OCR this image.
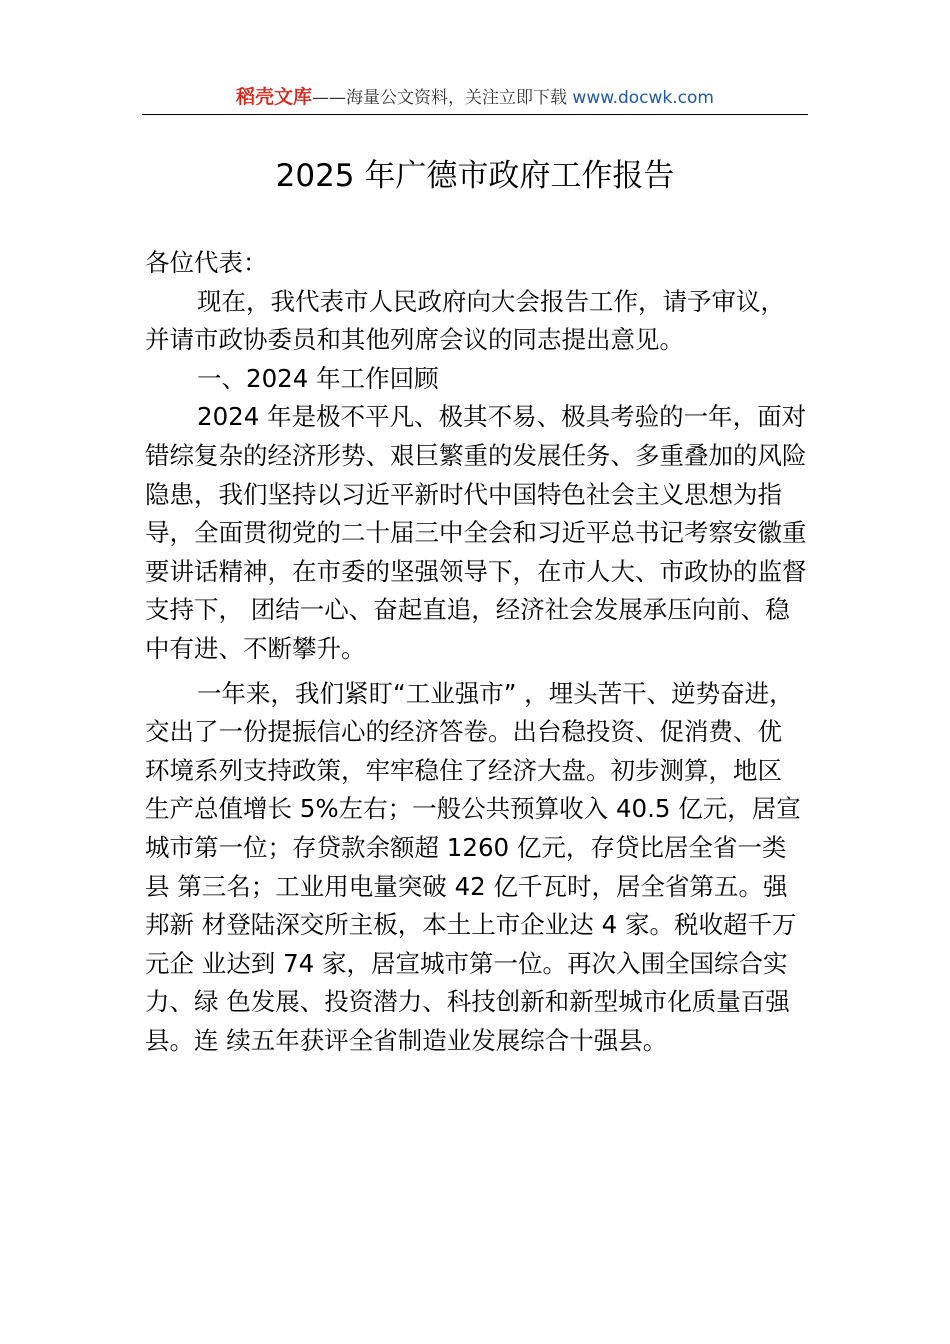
稻壳文库——海量公文资料，关注立即下载 www.docwk.com
2025 年广德市政府工作报告

各位代表：

现在，我代表市人民政府向大会报告工作，请予审议，并请市政协委员和其他列席会议的同志提出意见。

一、2024 年工作回顾

2024 年是极不平凡、极其不易、极具考验的一年，面对错综复杂的经济形势、艰巨繁重的发展任务、多重叠加的风险隐患，我们坚持以习近平新时代中国特色社会主义思想为指导，全面贯彻党的二十届三中全会和习近平总书记考察安徽重要讲话精神，在市委的坚强领导下，在市人大、市政协的监督支持下， 团结一心、奋起直追，经济社会发展承压向前、稳中有进、不断攀升。

一年来，我们紧盯“工业强市” ，埋头苦干、逆势奋进， 交出了一份提振信心的经济答卷。出台稳投资、促消费、优 环境系列支持政策，牢牢稳住了经济大盘。初步测算，地区 生产总值增长 5%左右；一般公共预算收入 40.5 亿元，居宣 城市第一位；存贷款余额超 1260 亿元，存贷比居全省一类县 第三名；工业用电量突破 42 亿千瓦时，居全省第五。强邦新 材登陆深交所主板，本土上市企业达 4 家。税收超千万元企 业达到 74 家，居宣城市第一位。再次入围全国综合实力、绿 色发展、投资潜力、科技创新和新型城市化质量百强县。连 续五年获评全省制造业发展综合十强县。
